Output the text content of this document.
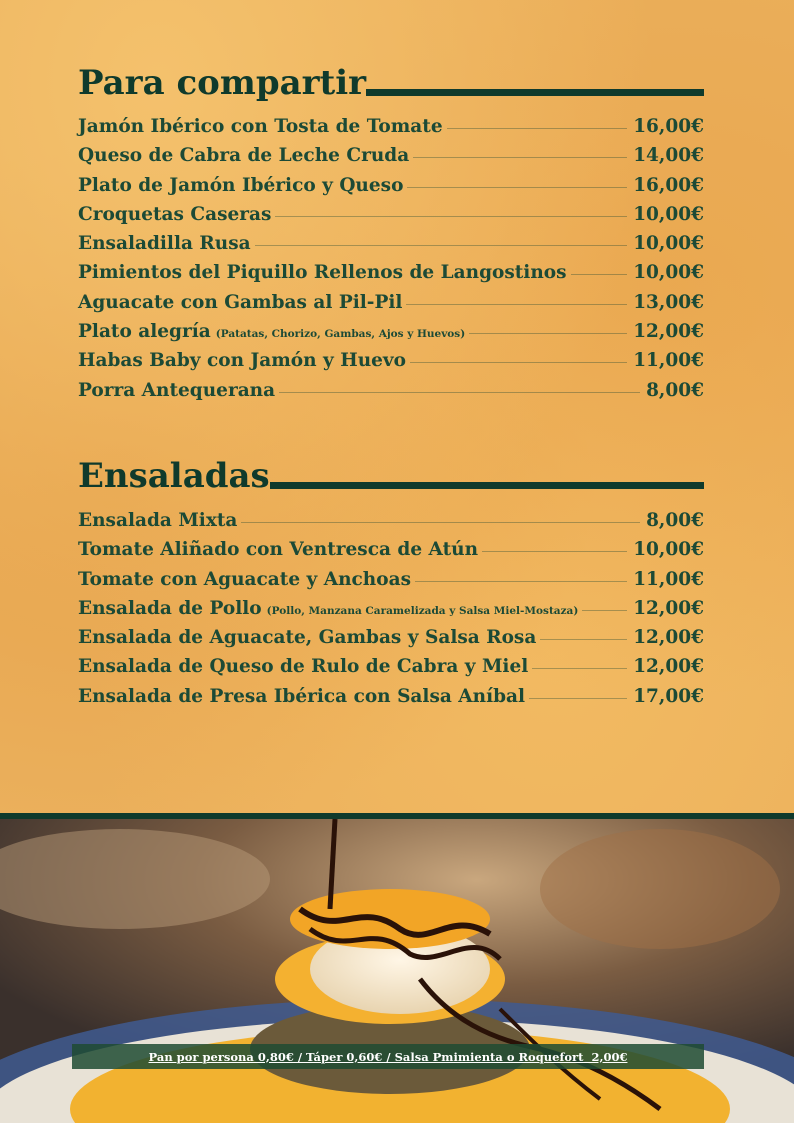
Para compartir
Jamón Ibérico con Tosta de Tomate	16,00€
Queso de Cabra de Leche Cruda	14,00€
Plato de Jamón Ibérico y Queso	16,00€
Croquetas Caseras	10,00€
Ensaladilla Rusa	10,00€
Pimientos del Piquillo Rellenos de Langostinos	10,00€
Aguacate con Gambas al Pil-Pil	13,00€
Plato alegría (Patatas, Chorizo, Gambas, Ajos y Huevos)	12,00€
Habas Baby con Jamón y Huevo	11,00€
Porra Antequerana	8,00€
Ensaladas
Ensalada Mixta	8,00€
Tomate Aliñado con Ventresca de Atún	10,00€
Tomate con Aguacate y Anchoas	11,00€
Ensalada de Pollo (Pollo, Manzana Caramelizada y Salsa Miel-Mostaza)	12,00€
Ensalada de Aguacate, Gambas y Salsa Rosa	12,00€
Ensalada de Queso de Rulo de Cabra y Miel	12,00€
Ensalada de Presa Ibérica con Salsa Aníbal	17,00€
Pan por persona 0,80€ / Táper 0,60€ / Salsa Pmimienta o Roquefort  2,00€
